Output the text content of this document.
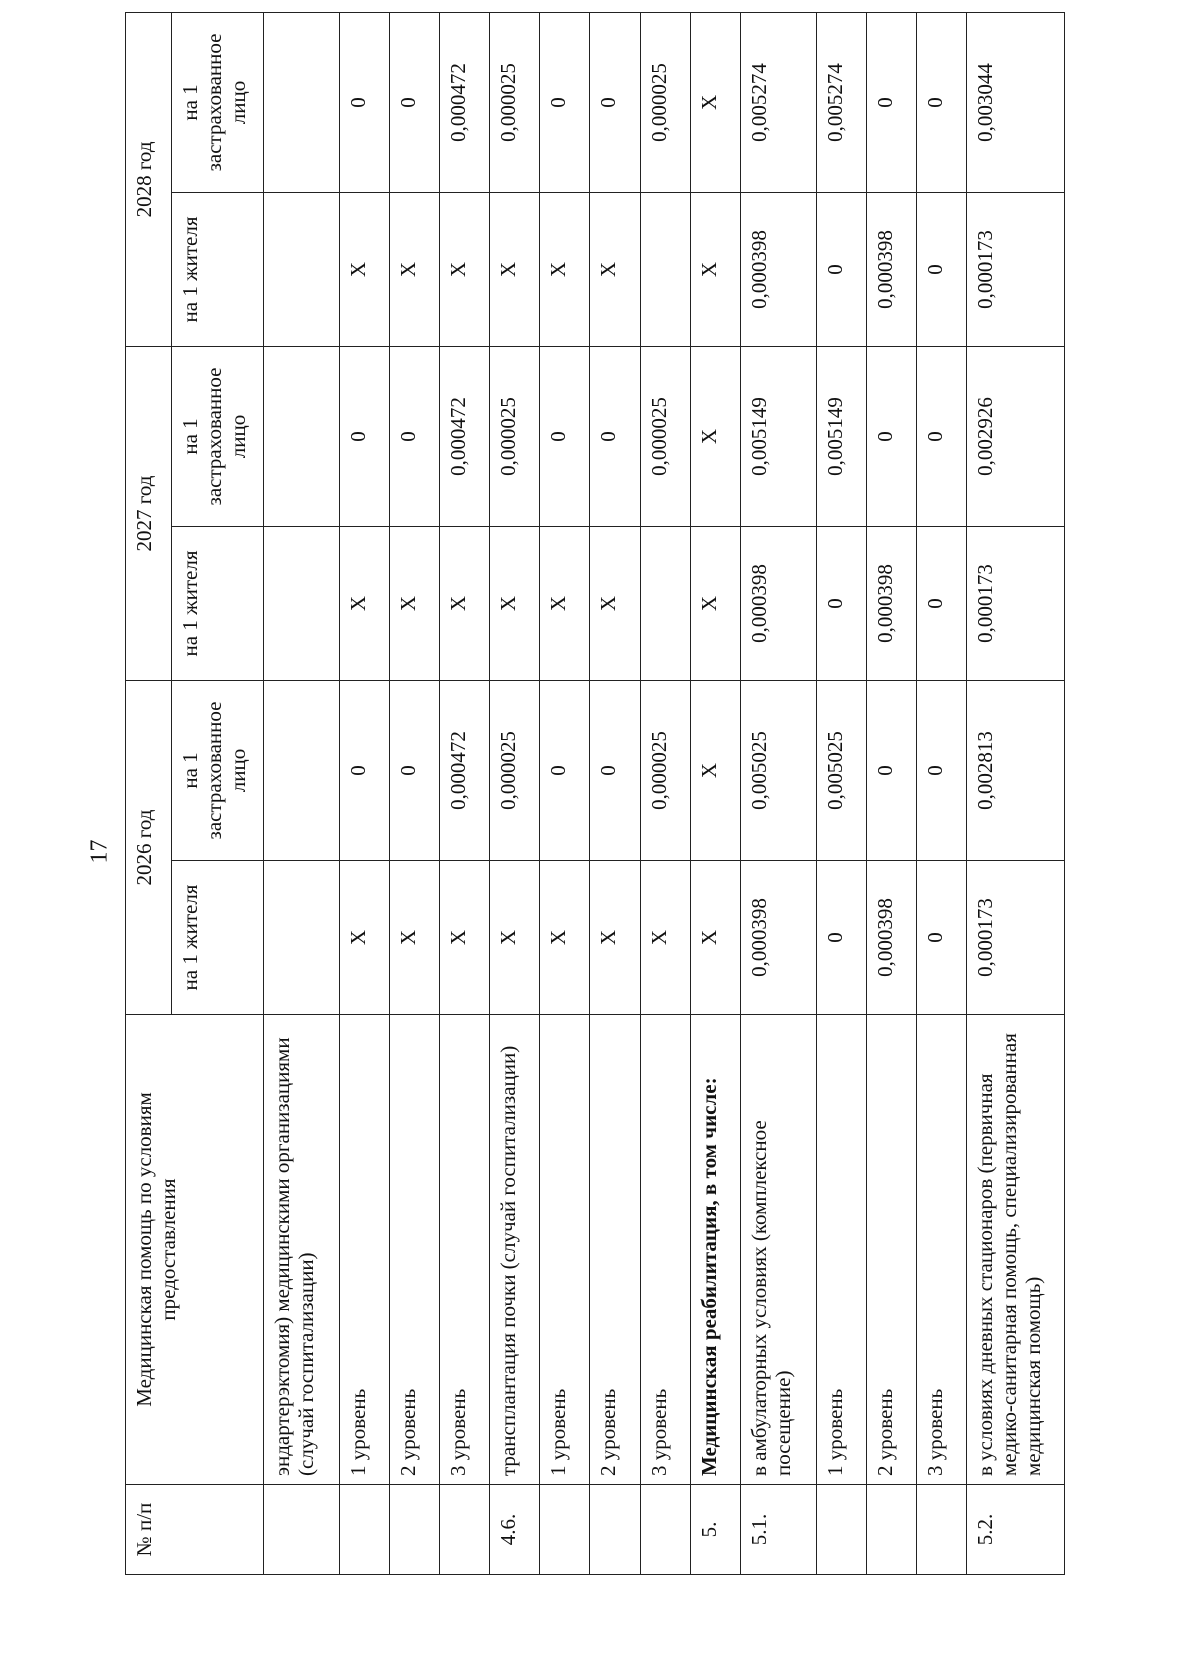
17
№ п/п	Медицинская помощь по условиям предоставления	2026 год		2027 год		2028 год	
		на 1 жителя	на 1 застрахованное лицо	на 1 жителя	на 1 застрахованное лицо	на 1 жителя	на 1 застрахованное лицо
	эндартерэктомия) медицинскими организациями (случай госпитализации)						
	1 уровень	Х	0	Х	0	Х	0
	2 уровень	Х	0	Х	0	Х	0
	3 уровень	Х	0,000472	Х	0,000472	Х	0,000472
4.6.	трансплантация почки (случай госпитализации)	Х	0,000025	Х	0,000025	Х	0,000025
	1 уровень	Х	0	Х	0	Х	0
	2 уровень	Х	0	Х	0	Х	0
	3 уровень	Х	0,000025		0,000025		0,000025
5.	Медицинская реабилитация, в том числе:	Х	Х	Х	Х	Х	Х
5.1.	в амбулаторных условиях (комплексное посещение)	0,000398	0,005025	0,000398	0,005149	0,000398	0,005274
	1 уровень	0	0,005025	0	0,005149	0	0,005274
	2 уровень	0,000398	0	0,000398	0	0,000398	0
	3 уровень	0	0	0	0	0	0
5.2.	в условиях дневных стационаров (первичная медико-санитарная помощь, специализированная медицинская помощь)	0,000173	0,002813	0,000173	0,002926	0,000173	0,003044
